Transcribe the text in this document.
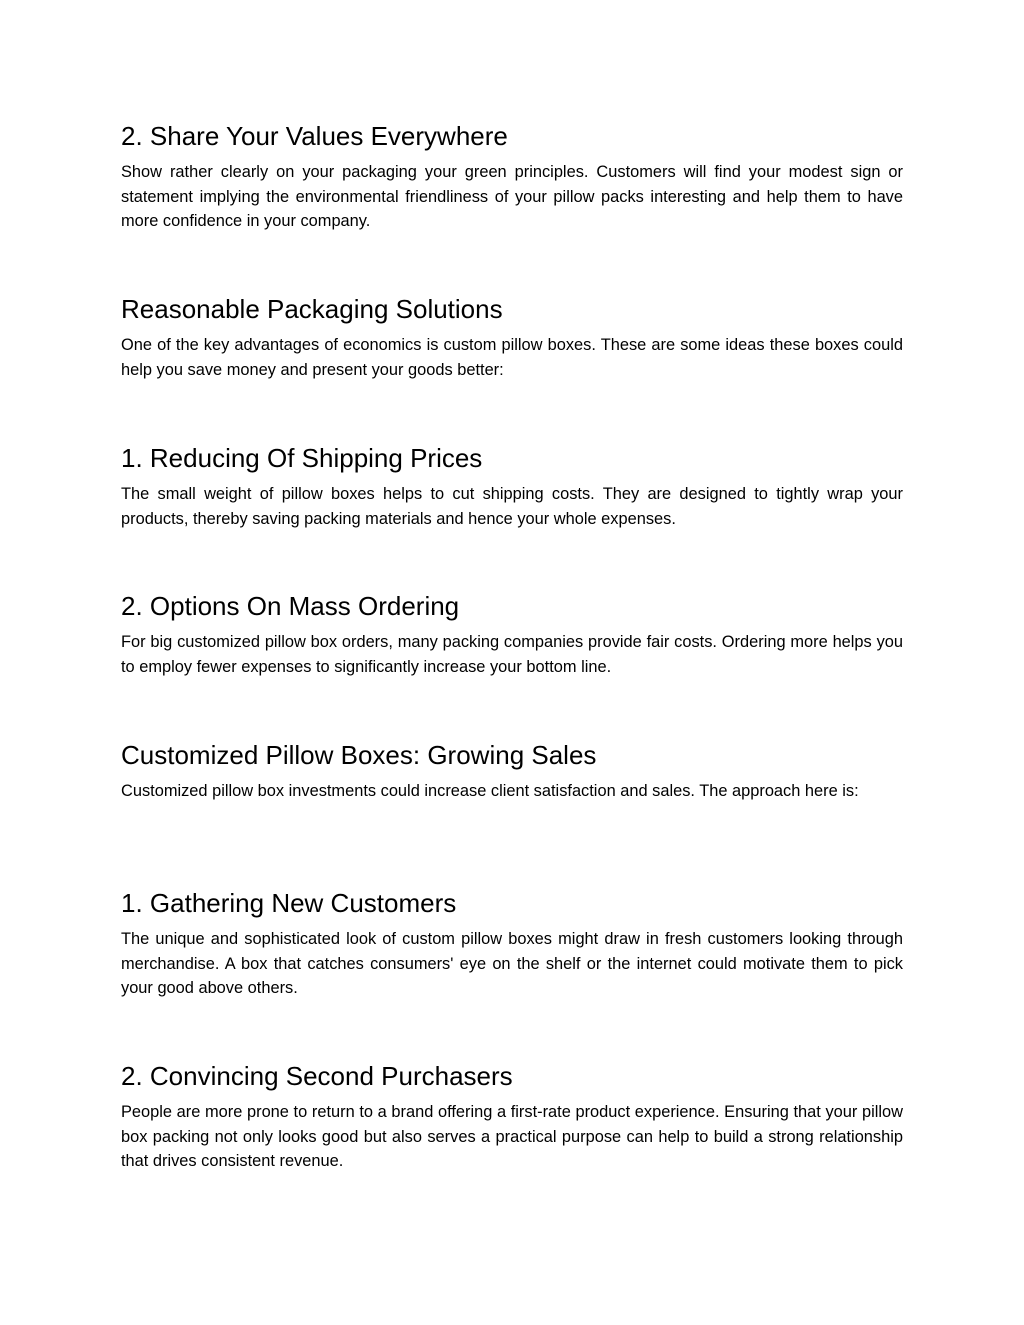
2. Share Your Values Everywhere

Show rather clearly on your packaging your green principles. Customers will find your modest sign or statement implying the environmental friendliness of your pillow packs interesting and help them to have more confidence in your company.

Reasonable Packaging Solutions

One of the key advantages of economics is custom pillow boxes. These are some ideas these boxes could help you save money and present your goods better:

1. Reducing Of Shipping Prices

The small weight of pillow boxes helps to cut shipping costs. They are designed to tightly wrap your products, thereby saving packing materials and hence your whole expenses.

2. Options On Mass Ordering

For big customized pillow box orders, many packing companies provide fair costs. Ordering more helps you to employ fewer expenses to significantly increase your bottom line.

Customized Pillow Boxes: Growing Sales

Customized pillow box investments could increase client satisfaction and sales. The approach here is:

1. Gathering New Customers

The unique and sophisticated look of custom pillow boxes might draw in fresh customers looking through merchandise. A box that catches consumers' eye on the shelf or the internet could motivate them to pick your good above others.

2. Convincing Second Purchasers

People are more prone to return to a brand offering a first-rate product experience. Ensuring that your pillow box packing not only looks good but also serves a practical purpose can help to build a strong relationship that drives consistent revenue.
